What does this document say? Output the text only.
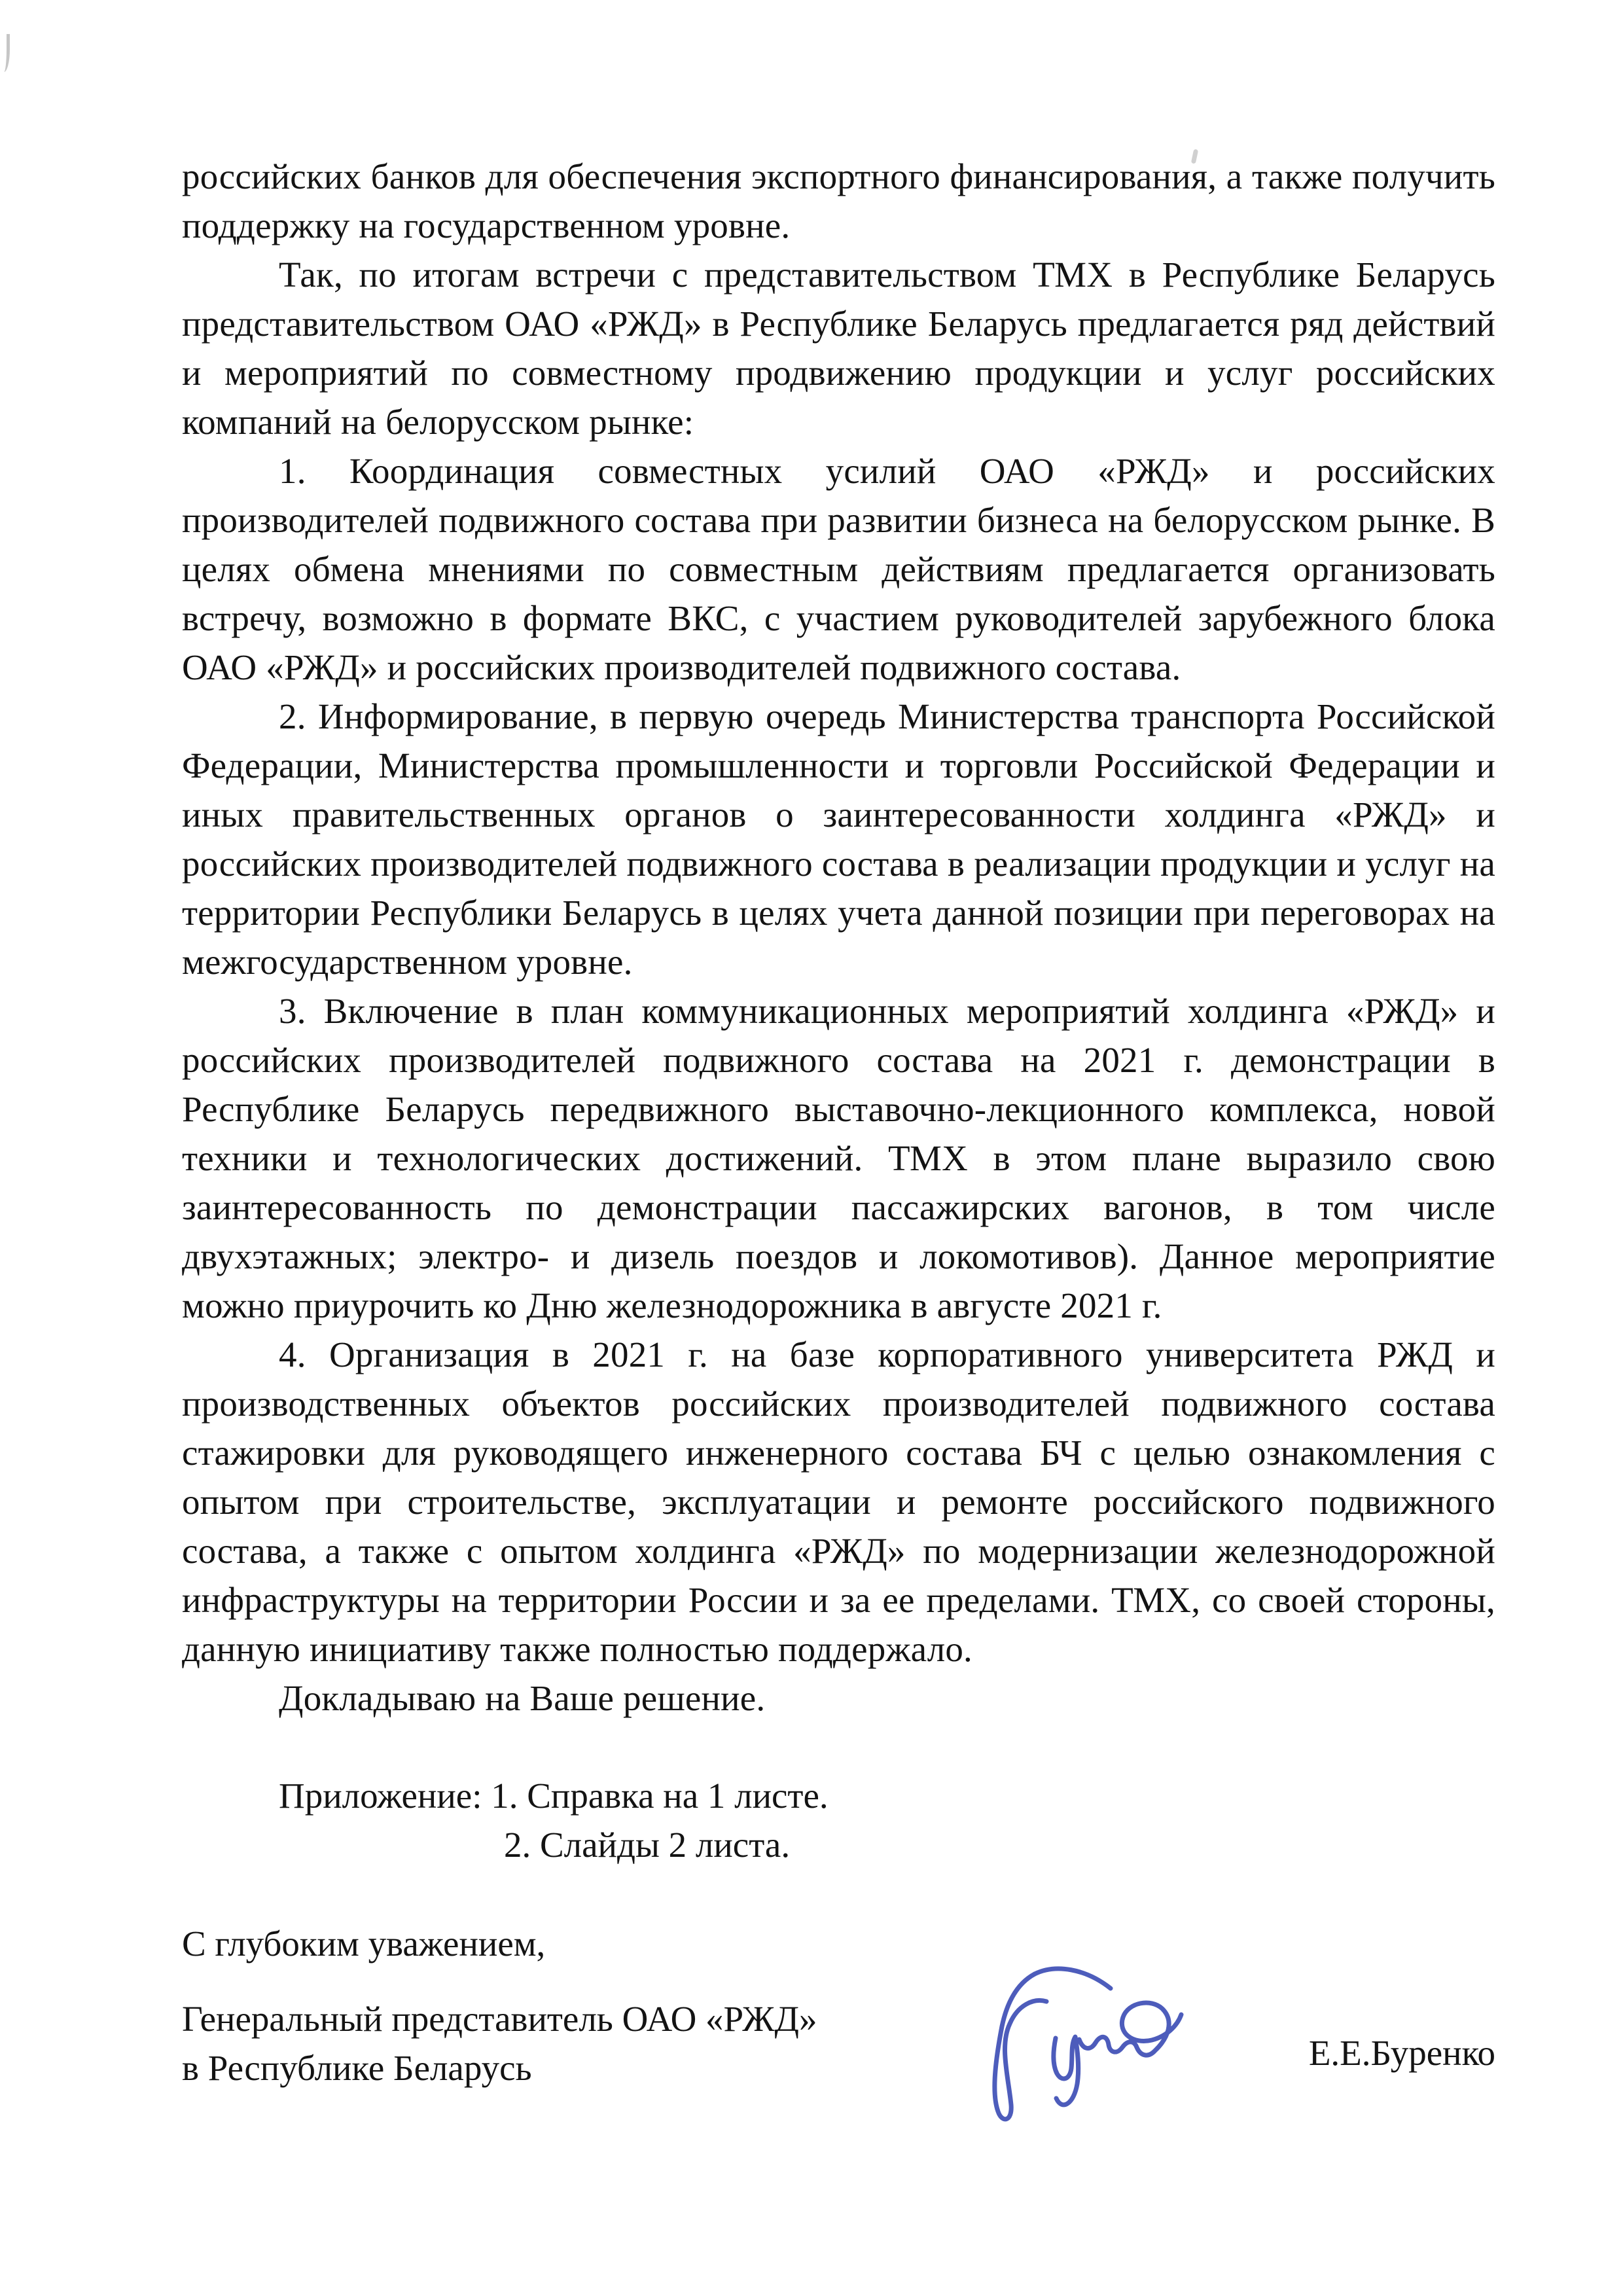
российских банков для обеспечения экспортного финансирования, а также получить поддержку на государственном уровне.

Так, по итогам встречи с представительством ТМХ в Республике Беларусь представительством ОАО «РЖД» в Республике Беларусь предлагается ряд действий и мероприятий по совместному продвижению продукции и услуг российских компаний на белорусском рынке:

1. Координация совместных усилий ОАО «РЖД» и российских производителей подвижного состава при развитии бизнеса на белорусском рынке. В целях обмена мнениями по совместным действиям предлагается организовать встречу, возможно в формате ВКС, с участием руководителей зарубежного блока ОАО «РЖД» и российских производителей подвижного состава.

2. Информирование, в первую очередь Министерства транспорта Российской Федерации, Министерства промышленности и торговли Российской Федерации и иных правительственных органов о заинтересованности холдинга «РЖД» и российских производителей подвижного состава в реализации продукции и услуг на территории Республики Беларусь в целях учета данной позиции при переговорах на межгосударственном уровне.

3. Включение в план коммуникационных мероприятий холдинга «РЖД» и российских производителей подвижного состава на 2021 г. демонстрации в Республике Беларусь передвижного выставочно-лекционного комплекса, новой техники и технологических достижений. ТМХ в этом плане выразило свою заинтересованность по демонстрации пассажирских вагонов, в том числе двухэтажных; электро- и дизель поездов и локомотивов). Данное мероприятие можно приурочить ко Дню железнодорожника в августе 2021 г.

4. Организация в 2021 г. на базе корпоративного университета РЖД и производственных объектов российских производителей подвижного состава стажировки для руководящего инженерного состава БЧ с целью ознакомления с опытом при строительстве, эксплуатации и ремонте российского подвижного состава, а также с опытом холдинга «РЖД» по модернизации железнодорожной инфраструктуры на территории России и за ее пределами. ТМХ, со своей стороны, данную инициативу также полностью поддержало.

Докладываю на Ваше решение.

Приложение: 1. Справка на 1 листе.
2. Слайды 2 листа.
С глубоким уважением,
Генеральный представитель ОАО «РЖД»
в Республике Беларусь	Е.Е.Буренко
